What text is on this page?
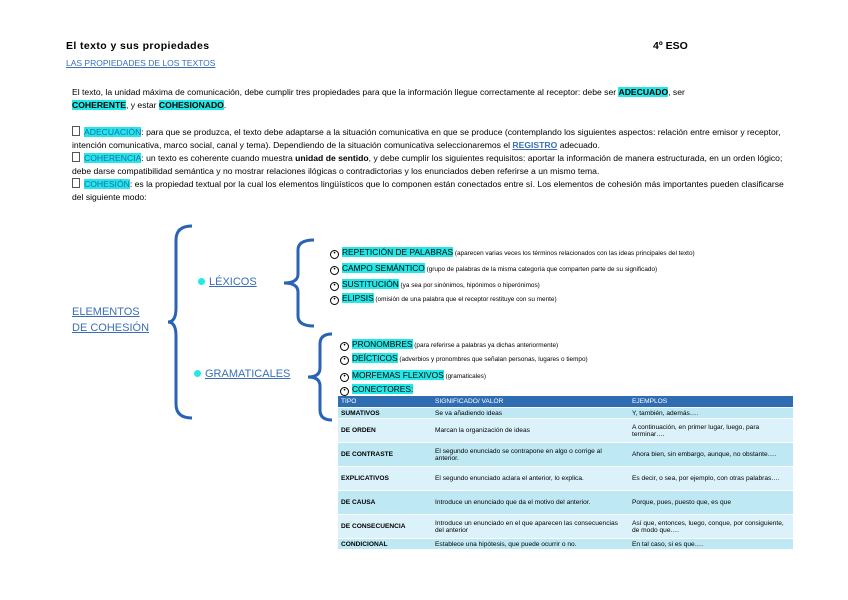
El texto y sus propiedades	4º ESO
LAS PROPIEDADES DE LOS TEXTOS
El texto, la unidad máxima de comunicación, debe cumplir tres propiedades para que la información llegue correctamente al receptor: debe ser ADECUADO, ser
COHERENTE, y estar COHESIONADO.
ADECUACIÓN: para que se produzca, el texto debe adaptarse a la situación comunicativa en que se produce (contemplando los siguientes aspectos: relación entre emisor y receptor, intención comunicativa, marco social, canal y tema). Dependiendo de la situación comunicativa seleccionaremos el REGISTRO adecuado.
COHERENCIA: un texto es coherente cuando muestra unidad de sentido, y debe cumplir los siguientes requisitos: aportar la información de manera estructurada, en un orden lógico; debe darse compatibilidad semántica y no mostrar relaciones ilógicas o contradictorias y los enunciados deben referirse a un mismo tema.
COHESIÓN: es la propiedad textual por la cual los elementos lingüísticos que lo componen están conectados entre sí. Los elementos de cohesión más importantes pueden clasificarse del siguiente modo:
ELEMENTOS
DE COHESIÓN
LÉXICOS
GRAMATICALES
• REPETICIÓN DE PALABRAS (aparecen varias veces los términos relacionados con las ideas principales del texto)
• CAMPO SEMÁNTICO (grupo de palabras de la misma categoría que comparten parte de su significado)
• SUSTITUCIÓN (ya sea por sinónimos, hipónimos o hiperónimos)
• ELIPSIS (omisión de una palabra que el receptor restituye con su mente)
• PRONOMBRES (para referirse a palabras ya dichas anteriormente)
• DEÍCTICOS (adverbios y pronombres que señalan personas, lugares o tiempo)
• MORFEMAS FLEXIVOS (gramaticales)
• CONECTORES:
TIPO	SIGNIFICADO/ VALOR	EJEMPLOS
SUMATIVOS	Se va añadiendo ideas	Y, también, además….
DE ORDEN	Marcan la organización de ideas	A continuación, en primer lugar, luego, para terminar….
DE CONTRASTE	El segundo enunciado se contrapone en algo o corrige al anterior.	Ahora bien, sin embargo, aunque, no obstante….
EXPLICATIVOS	El segundo enunciado aclara el anterior, lo explica.	Es decir, o sea, por ejemplo, con otras palabras….
DE CAUSA	Introduce un enunciado que da el motivo del anterior.	Porque, pues, puesto que, es que
DE CONSECUENCIA	Introduce un enunciado en el que aparecen las consecuencias del anterior	Así que, entonces, luego, conque, por consiguiente, de modo que….
CONDICIONAL	Establece una hipótesis, que puede ocurrir o no.	En tal caso, si es que….
